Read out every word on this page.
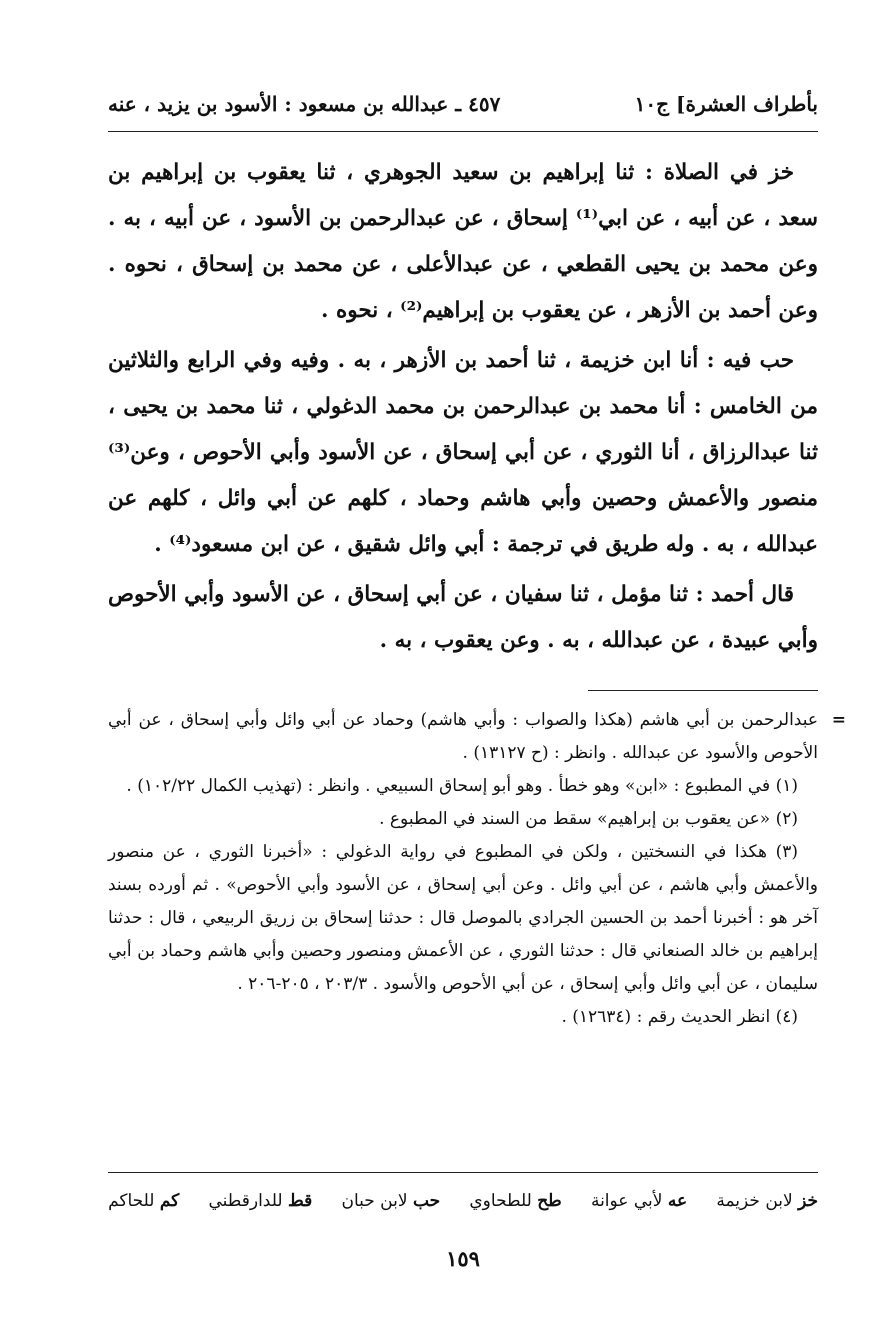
بأطراف العشرة] ج١٠
٤٥٧ ـ عبدالله بن مسعود : الأسود بن يزيد ، عنه

خز في الصلاة : ثنا إبراهيم بن سعيد الجوهري ، ثنا يعقوب بن إبراهيم بن سعد ، عن أبيه ، عن ابي⁽¹⁾ إسحاق ، عن عبدالرحمن بن الأسود ، عن أبيه ، به . وعن محمد بن يحيى القطعي ، عن عبدالأعلى ، عن محمد بن إسحاق ، نحوه . وعن أحمد بن الأزهر ، عن يعقوب بن إبراهيم⁽²⁾ ، نحوه .

حب فيه : أنا ابن خزيمة ، ثنا أحمد بن الأزهر ، به . وفيه وفي الرابع والثلاثين من الخامس : أنا محمد بن عبدالرحمن بن محمد الدغولي ، ثنا محمد بن يحيى ، ثنا عبدالرزاق ، أنا الثوري ، عن أبي إسحاق ، عن الأسود وأبي الأحوص ، وعن⁽³⁾ منصور والأعمش وحصين وأبي هاشم وحماد ، كلهم عن أبي وائل ، كلهم عن عبدالله ، به . وله طريق في ترجمة : أبي وائل شقيق ، عن ابن مسعود⁽⁴⁾ .

قال أحمد : ثنا مؤمل ، ثنا سفيان ، عن أبي إسحاق ، عن الأسود وأبي الأحوص وأبي عبيدة ، عن عبدالله ، به . وعن يعقوب ، به .

=
عبدالرحمن بن أبي هاشم (هكذا والصواب : وأبي هاشم) وحماد عن أبي وائل وأبي إسحاق ، عن أبي الأحوص والأسود عن عبدالله . وانظر : (ح ١٣١٢٧) .

(١) في المطبوع : «ابن» وهو خطأ . وهو أبو إسحاق السبيعي . وانظر : (تهذيب الكمال ١٠٢/٢٢) .

(٢) «عن يعقوب بن إبراهيم» سقط من السند في المطبوع .

(٣) هكذا في النسختين ، ولكن في المطبوع في رواية الدغولي : «أخبرنا الثوري ، عن منصور والأعمش وأبي هاشم ، عن أبي وائل . وعن أبي إسحاق ، عن الأسود وأبي الأحوص» . ثم أورده بسند آخر هو : أخبرنا أحمد بن الحسين الجرادي بالموصل قال : حدثنا إسحاق بن زريق الربيعي ، قال : حدثنا إبراهيم بن خالد الصنعاني قال : حدثنا الثوري ، عن الأعمش ومنصور وحصين وأبي هاشم وحماد بن أبي سليمان ، عن أبي وائل وأبي إسحاق ، عن أبي الأحوص والأسود . ٢٠٣/٣ ، ٢٠٥-٢٠٦ .

(٤) انظر الحديث رقم : (١٢٦٣٤) .

خز لابن خزيمة
عه لأبي عوانة
طح للطحاوي
حب لابن حبان
قط للدارقطني
كم للحاكم
١٥٩
